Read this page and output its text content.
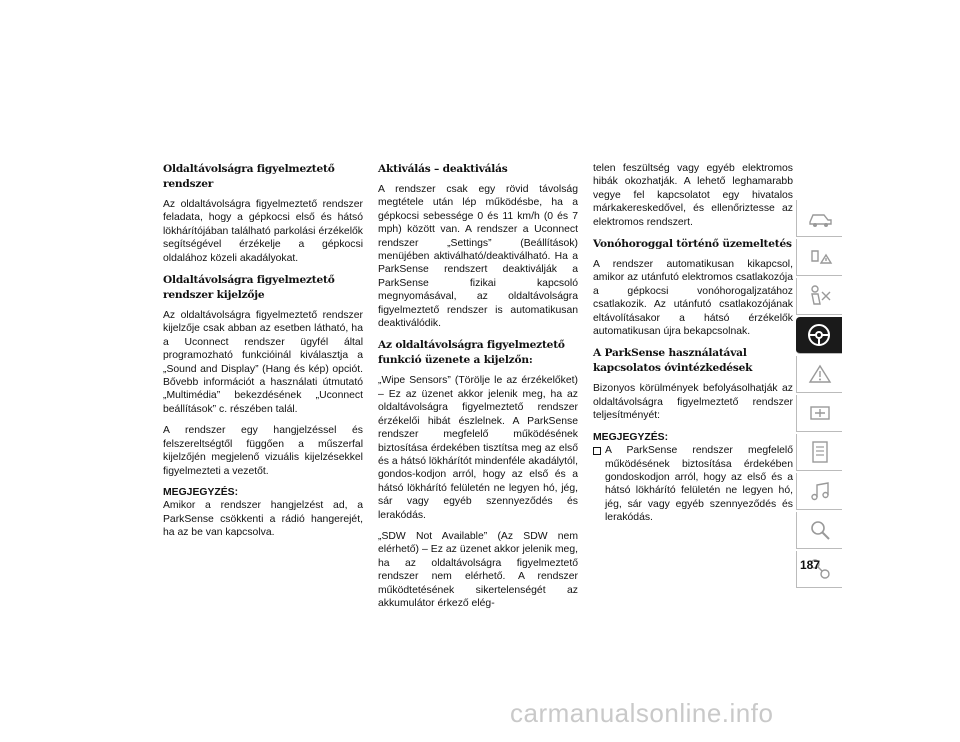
Oldaltávolságra figyelmeztető rendszer

Az oldaltávolságra figyelmeztető rendszer feladata, hogy a gépkocsi első és hátsó lökhárítójában található parkolási érzékelők segítségével érzékelje a gépkocsi oldalához közeli akadályokat.

Oldaltávolságra figyelmeztető rendszer kijelzője

Az oldaltávolságra figyelmeztető rendszer kijelzője csak abban az esetben látható, ha a Uconnect rendszer ügyfél által programozható funkcióinál kiválasztja a „Sound and Display” (Hang és kép) opciót. Bővebb információt a használati útmutató „Multimédia” bekezdésének „Uconnect beállítások” c. részében talál.

A rendszer egy hangjelzéssel és felszereltségtől függően a műszerfal kijelzőjén megjelenő vizuális kijelzésekkel figyelmezteti a vezetőt.

MEGJEGYZÉS:

Amikor a rendszer hangjelzést ad, a ParkSense csökkenti a rádió hangerejét, ha az be van kapcsolva.

Aktiválás – deaktiválás

A rendszer csak egy rövid távolság megtétele után lép működésbe, ha a gépkocsi sebessége 0 és 11 km/h (0 és 7 mph) között van. A rendszer a Uconnect rendszer „Settings” (Beállítások) menüjében aktiválható/deaktiválható. Ha a ParkSense rendszert deaktiválják a ParkSense fizikai kapcsoló megnyomásával, az oldaltávolságra figyelmeztető rendszer is automatikusan deaktiválódik.

Az oldaltávolságra figyelmeztető funkció üzenete a kijelzőn:

„Wipe Sensors” (Törölje le az érzékelőket) – Ez az üzenet akkor jelenik meg, ha az oldaltávolságra figyelmeztető rendszer érzékelői hibát észlelnek. A ParkSense rendszer megfelelő működésének biztosítása érdekében tisztítsa meg az első és a hátsó lökhárítót mindenféle akadálytól, gondos-kodjon arról, hogy az első és a hátsó lökhárító felületén ne legyen hó, jég, sár vagy egyéb szennyeződés és lerakódás.

„SDW Not Available” (Az SDW nem elérhető) – Ez az üzenet akkor jelenik meg, ha az oldaltávolságra figyelmeztető rendszer nem elérhető. A rendszer működtetésének sikertelenségét az akkumulátor érkező elég-

telen feszültség vagy egyéb elektromos hibák okozhatják. A lehető leghamarabb vegye fel kapcsolatot egy hivatalos márkakereskedővel, és ellenőriztesse az elektromos rendszert.

Vonóhoroggal történő üzemeltetés

A rendszer automatikusan kikapcsol, amikor az utánfutó elektromos csatlakozója a gépkocsi vonóhorogaljzatához csatlakozik. Az utánfutó csatlakozójának eltávolításakor a hátsó érzékelők automatikusan újra bekapcsolnak.

A ParkSense használatával kapcsolatos óvintézkedések

Bizonyos körülmények befolyásolhatják az oldaltávolságra figyelmeztető rendszer teljesítményét:

MEGJEGYZÉS:

A ParkSense rendszer megfelelő működésének biztosítása érdekében gondoskodjon arról, hogy az első és a hátsó lökhárító felületén ne legyen hó, jég, sár vagy egyéb szennyeződés és lerakódás.
187
carmanualsonline.info
